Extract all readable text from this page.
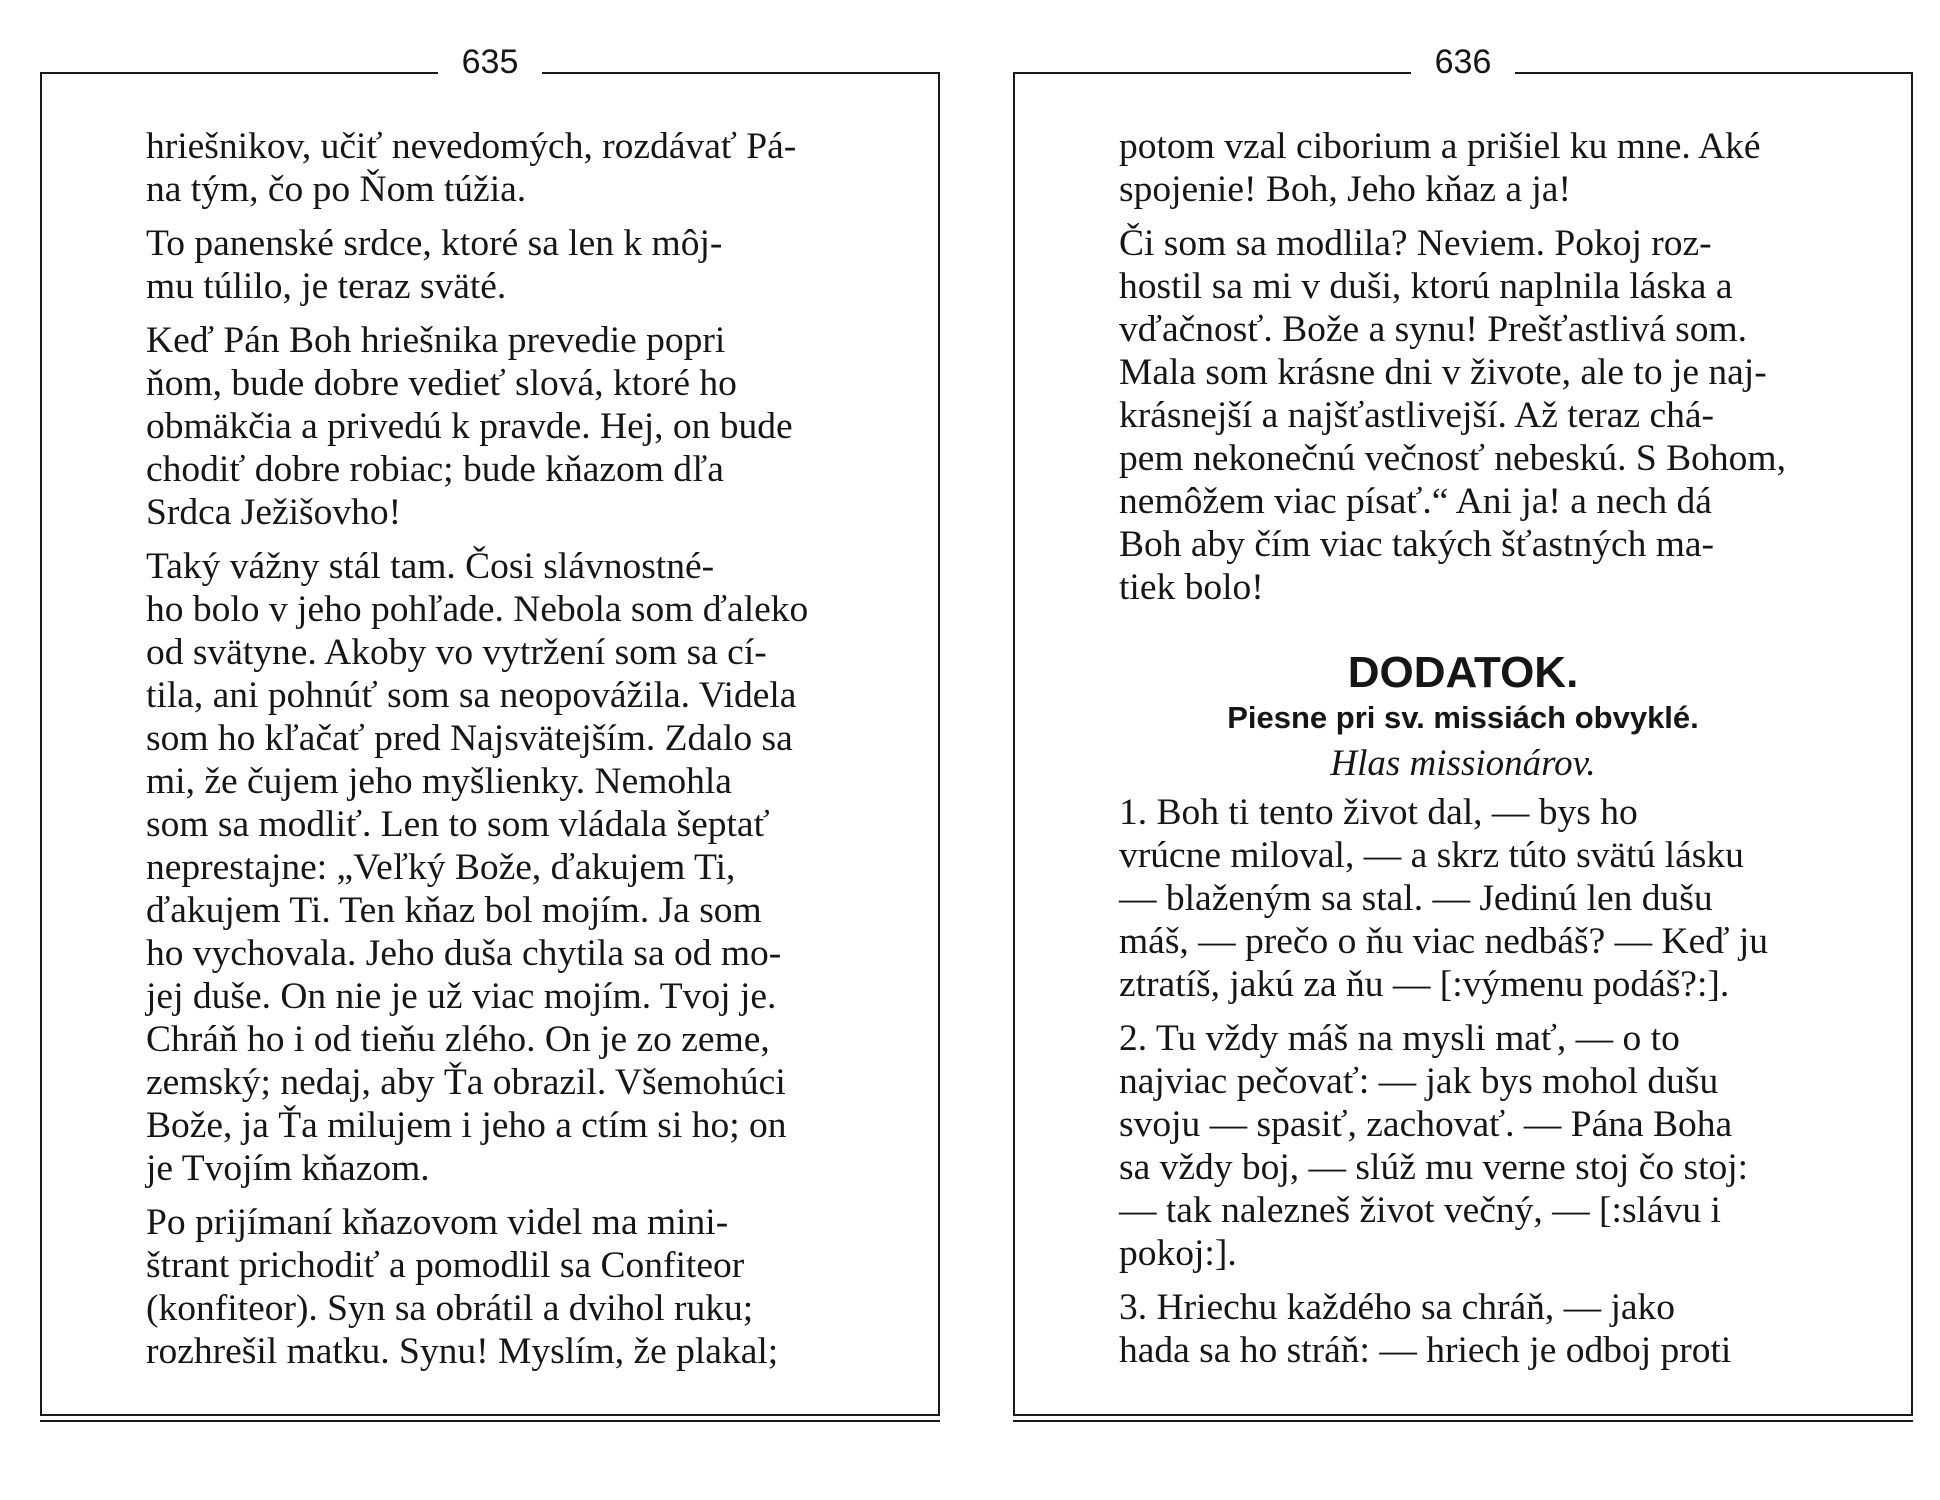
635

hriešnikov, učiť nevedomých, rozdávať Pá-
na tým, čo po Ňom túžia.

To panenské srdce, ktoré sa len k môj-
mu túlilo, je teraz sväté.

Keď Pán Boh hriešnika prevedie popri
ňom, bude dobre vedieť slová, ktoré ho
obmäkčia a privedú k pravde. Hej, on bude
chodiť dobre robiac; bude kňazom dľa
Srdca Ježišovho!

Taký vážny stál tam. Čosi slávnostné-
ho bolo v jeho pohľade. Nebola som ďaleko
od svätyne. Akoby vo vytržení som sa cí-
tila, ani pohnúť som sa neopovážila. Videla
som ho kľačať pred Najsvätejším. Zdalo sa
mi, že čujem jeho myšlienky. Nemohla
som sa modliť. Len to som vládala šeptať
neprestajne: „Veľký Bože, ďakujem Ti,
ďakujem Ti. Ten kňaz bol mojím. Ja som
ho vychovala. Jeho duša chytila sa od mo-
jej duše. On nie je už viac mojím. Tvoj je.
Chráň ho i od tieňu zlého. On je zo zeme,
zemský; nedaj, aby Ťa obrazil. Všemohúci
Bože, ja Ťa milujem i jeho a ctím si ho; on
je Tvojím kňazom.

Po prijímaní kňazovom videl ma mini-
štrant prichodiť a pomodlil sa Confiteor
(konfiteor). Syn sa obrátil a dvihol ruku;
rozhrešil matku. Synu! Myslím, že plakal;

636

potom vzal ciborium a prišiel ku mne. Aké
spojenie! Boh, Jeho kňaz a ja!

Či som sa modlila? Neviem. Pokoj roz-
hostil sa mi v duši, ktorú naplnila láska a
vďačnosť. Bože a synu! Prešťastlivá som.
Mala som krásne dni v živote, ale to je naj-
krásnejší a najšťastlivejší. Až teraz chá-
pem nekonečnú večnosť nebeskú. S Bohom,
nemôžem viac písať.“ Ani ja! a nech dá
Boh aby čím viac takých šťastných ma-
tiek bolo!

DODATOK.
Piesne pri sv. missiách obvyklé.
Hlas missionárov.

1. Boh ti tento život dal, — bys ho
vrúcne miloval, — a skrz túto svätú lásku
— blaženým sa stal. — Jedinú len dušu
máš, — prečo o ňu viac nedbáš? — Keď ju
ztratíš, jakú za ňu — [:výmenu podáš?:].

2. Tu vždy máš na mysli mať, — o to
najviac pečovať: — jak bys mohol dušu
svoju — spasiť, zachovať. — Pána Boha
sa vždy boj, — slúž mu verne stoj čo stoj:
— tak nalezneš život večný, — [:slávu i
pokoj:].

3. Hriechu každého sa chráň, — jako
hada sa ho stráň: — hriech je odboj proti
